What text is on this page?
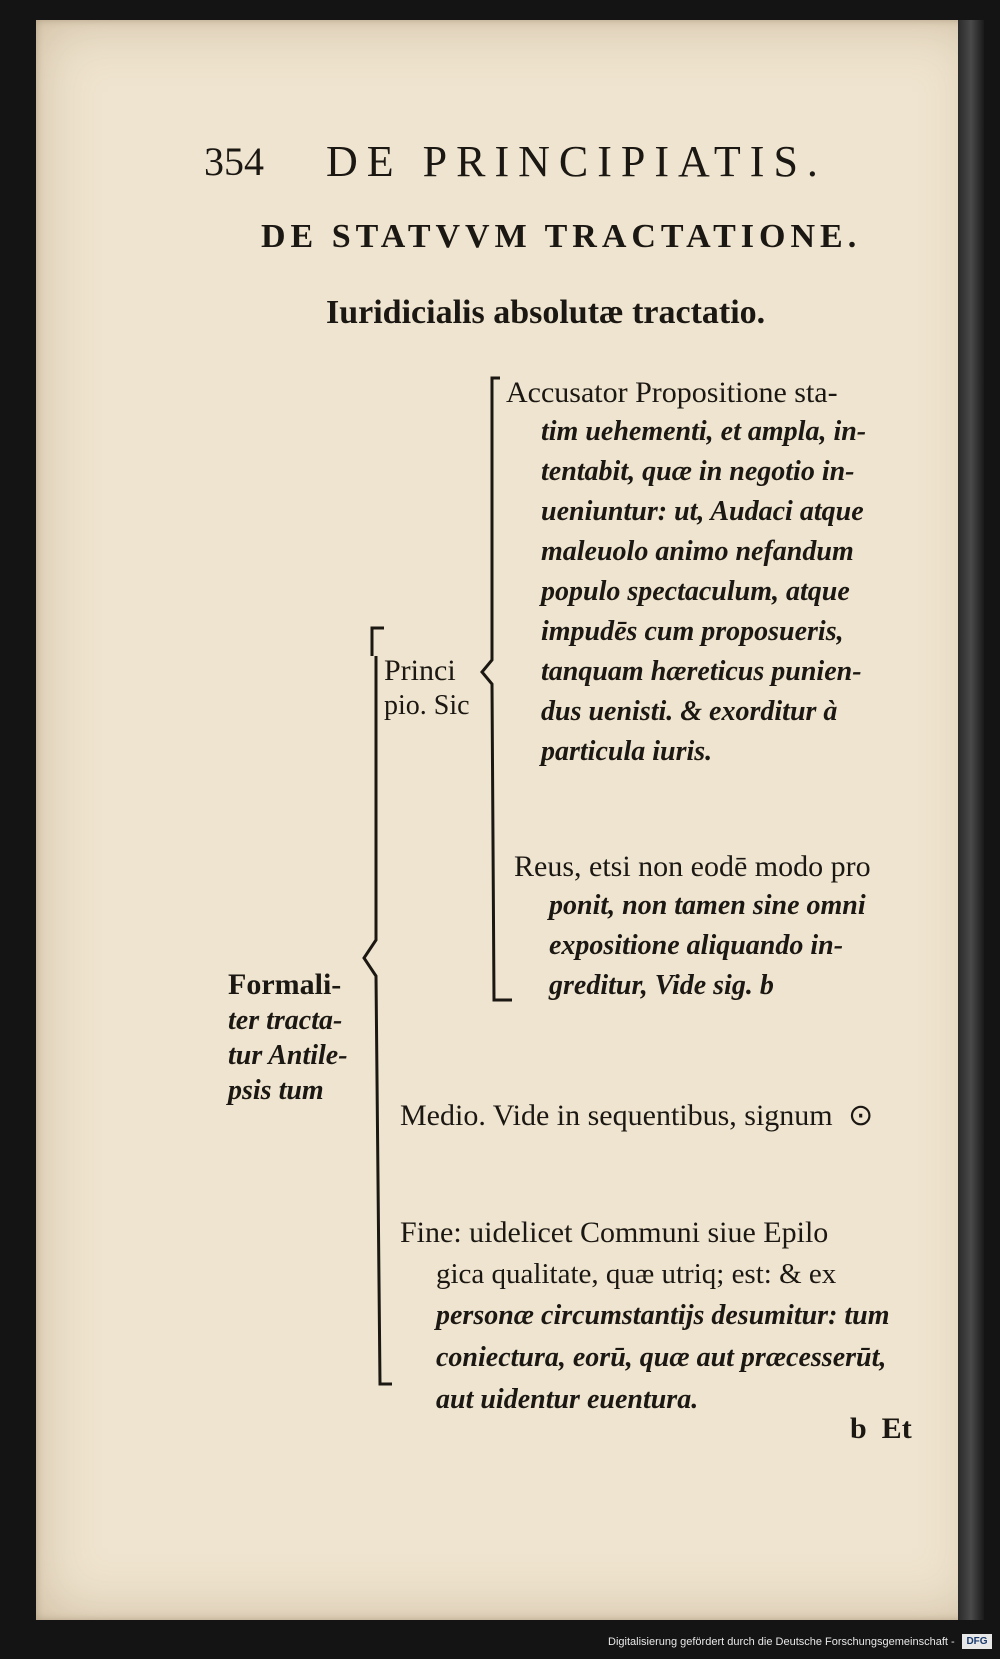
354 DE PRINCIPIATIS.
DE STATVVM TRACTATIONE.
Iuridicialis absolutæ tractatio.
Formali-
ter tracta-
tur Antile-
psis tum
Princi
pio. Sic
Accusator Propositione sta-
tim uehementi, et ampla, in-
tentabit, quæ in negotio in-
ueniuntur: ut, Audaci atque
maleuolo animo nefandum
populo spectaculum, atque
impudēs cum proposueris,
tanquam hæreticus punien-
dus uenisti. & exorditur à
particula iuris.
Reus, etsi non eodē modo pro
ponit, non tamen sine omni
expositione aliquando in-
greditur, Vide sig. b
Medio. Vide in sequentibus, signum ⊙
Fine: uidelicet Communi siue Epilo
gica qualitate, quæ utriq; est: & ex
personæ circumstantijs desumitur: tum
coniectura, eorū, quæ aut præcesserūt,
aut uidentur euentura.
b  Et
Digitalisierung gefördert durch die Deutsche Forschungsgemeinschaft -	DFG
